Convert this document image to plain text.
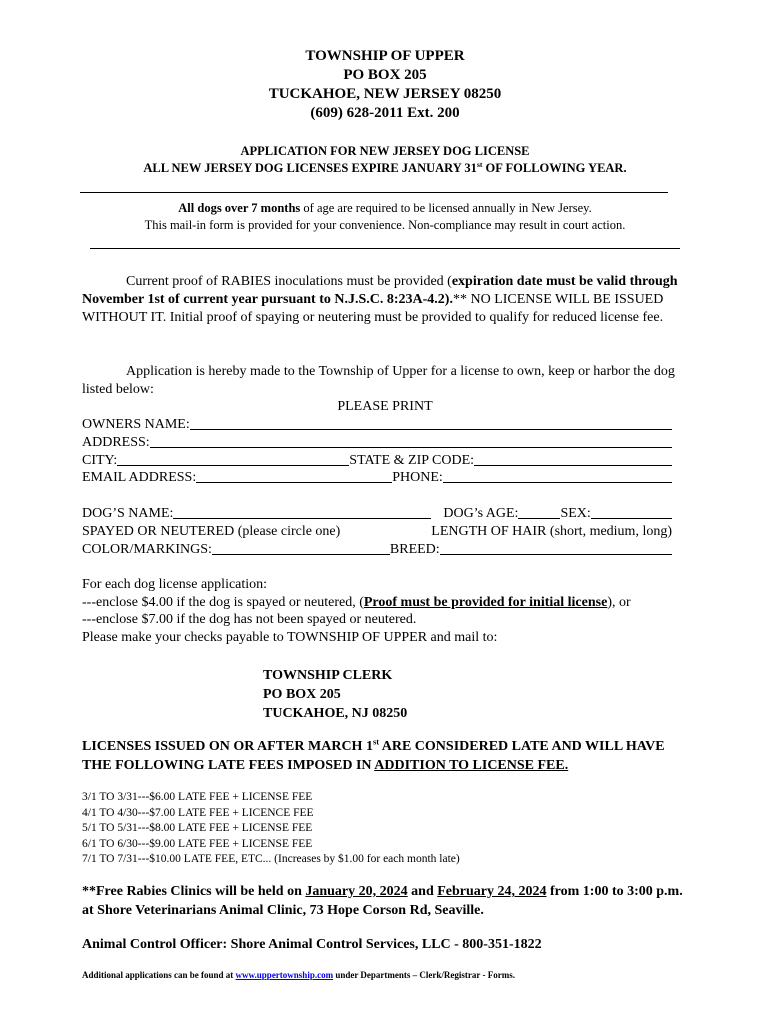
TOWNSHIP OF UPPER
PO BOX 205
TUCKAHOE, NEW JERSEY 08250
(609) 628-2011 Ext. 200
APPLICATION FOR NEW JERSEY DOG LICENSE
ALL NEW JERSEY DOG LICENSES EXPIRE JANUARY 31st OF FOLLOWING YEAR.
All dogs over 7 months of age are required to be licensed annually in New Jersey.
This mail-in form is provided for your convenience. Non-compliance may result in court action.
Current proof of RABIES inoculations must be provided (expiration date must be valid through November 1st of current year pursuant to N.J.S.C. 8:23A-4.2).** NO LICENSE WILL BE ISSUED WITHOUT IT. Initial proof of spaying or neutering must be provided to qualify for reduced license fee.
Application is hereby made to the Township of Upper for a license to own, keep or harbor the dog listed below:
PLEASE PRINT
OWNERS NAME:
ADDRESS:
CITY:	STATE & ZIP CODE:
EMAIL ADDRESS:	PHONE:
DOG’S NAME:	DOG’s AGE:	SEX:
SPAYED OR NEUTERED (please circle one)	LENGTH OF HAIR (short, medium, long)
COLOR/MARKINGS:	BREED:
For each dog license application:
---enclose $4.00 if the dog is spayed or neutered, (Proof must be provided for initial license), or
---enclose $7.00 if the dog has not been spayed or neutered.
Please make your checks payable to TOWNSHIP OF UPPER and mail to:
TOWNSHIP CLERK
PO BOX 205
TUCKAHOE, NJ 08250
LICENSES ISSUED ON OR AFTER MARCH 1st ARE CONSIDERED LATE AND WILL HAVE THE FOLLOWING LATE FEES IMPOSED IN ADDITION TO LICENSE FEE.
3/1 TO 3/31---$6.00 LATE FEE + LICENSE FEE
4/1 TO 4/30---$7.00 LATE FEE + LICENCE FEE
5/1 TO 5/31---$8.00 LATE FEE + LICENSE FEE
6/1 TO 6/30---$9.00 LATE FEE + LICENSE FEE
7/1 TO 7/31---$10.00 LATE FEE, ETC... (Increases by $1.00 for each month late)
**Free Rabies Clinics will be held on January 20, 2024 and February 24, 2024 from 1:00 to 3:00 p.m. at Shore Veterinarians Animal Clinic, 73 Hope Corson Rd, Seaville.
Animal Control Officer: Shore Animal Control Services, LLC - 800-351-1822
Additional applications can be found at www.uppertownship.com under Departments – Clerk/Registrar - Forms.
